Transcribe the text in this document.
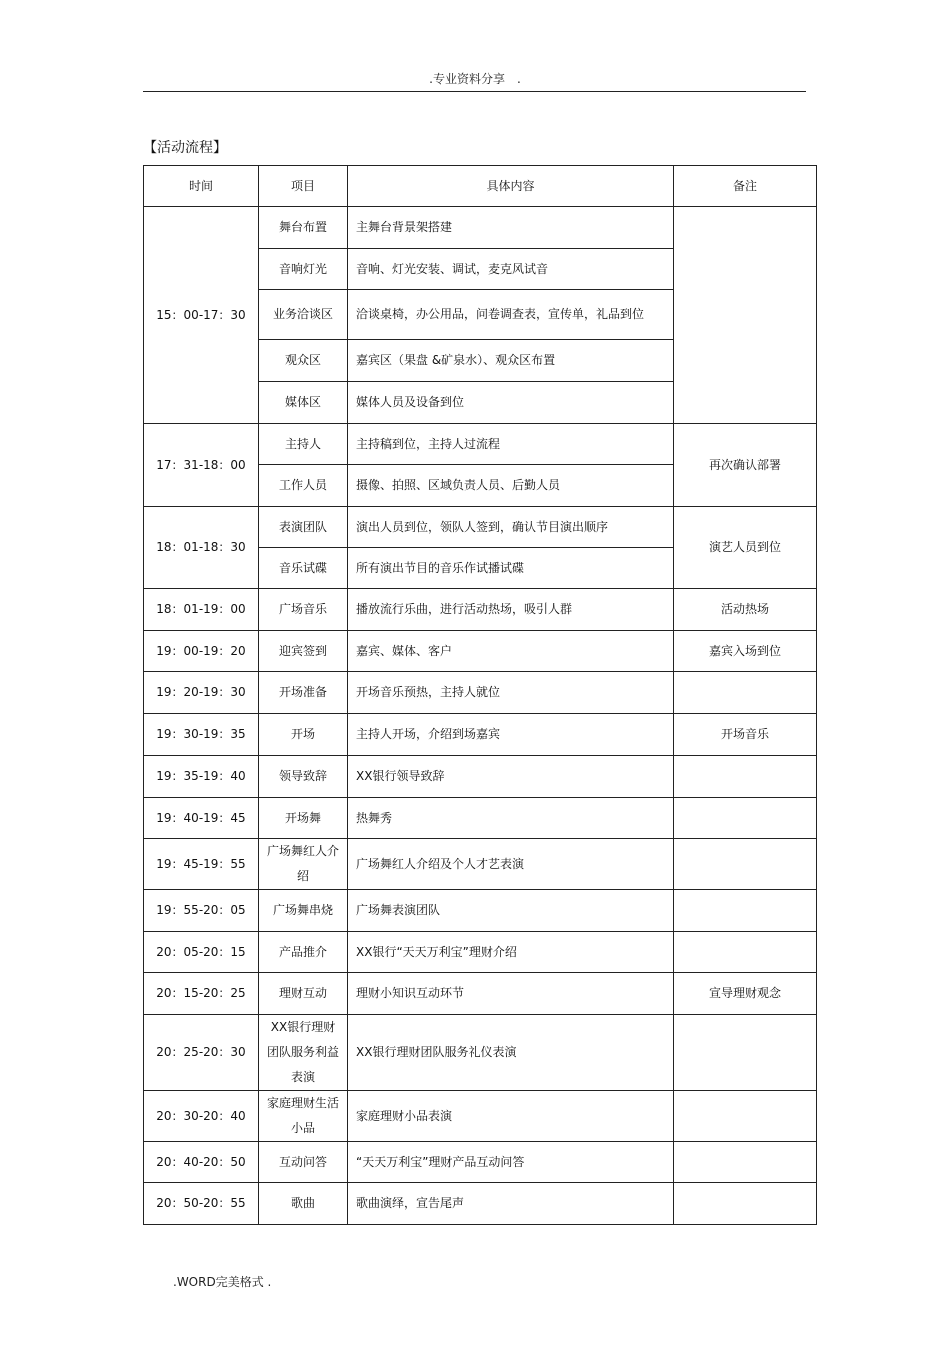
.专业资料分享　.
【活动流程】
时间	项目	具体内容	备注
15：00-17：30	舞台布置	主舞台背景架搭建	
	音响灯光	音响、灯光安装、调试，麦克风试音	
	业务洽谈区	洽谈桌椅，办公用品，问卷调查表，宣传单，礼品到位	
	观众区	嘉宾区（果盘 &矿泉水）、观众区布置	
	媒体区	媒体人员及设备到位	
17：31-18：00	主持人	主持稿到位，主持人过流程	再次确认部署
	工作人员	摄像、拍照、区域负责人员、后勤人员	
18：01-18：30	表演团队	演出人员到位，领队人签到，确认节目演出顺序	演艺人员到位
	音乐试碟	所有演出节目的音乐作试播试碟	
18：01-19：00	广场音乐	播放流行乐曲，进行活动热场，吸引人群	活动热场
19：00-19：20	迎宾签到	嘉宾、媒体、客户	嘉宾入场到位
19：20-19：30	开场准备	开场音乐预热，主持人就位	
19：30-19：35	开场	主持人开场，介绍到场嘉宾	开场音乐
19：35-19：40	领导致辞	XX银行领导致辞	
19：40-19：45	开场舞	热舞秀	
19：45-19：55	广场舞红人介绍	广场舞红人介绍及个人才艺表演	
19：55-20：05	广场舞串烧	广场舞表演团队	
20：05-20：15	产品推介	XX银行“天天万利宝”理财介绍	
20：15-20：25	理财互动	理财小知识互动环节	宣导理财观念
20：25-20：30	XX银行理财团队服务利益表演	XX银行理财团队服务礼仪表演	
20：30-20：40	家庭理财生活小品	家庭理财小品表演	
20：40-20：50	互动问答	“天天万利宝”理财产品互动问答	
20：50-20：55	歌曲	歌曲演绎，宣告尾声	
.WORD完美格式 .
